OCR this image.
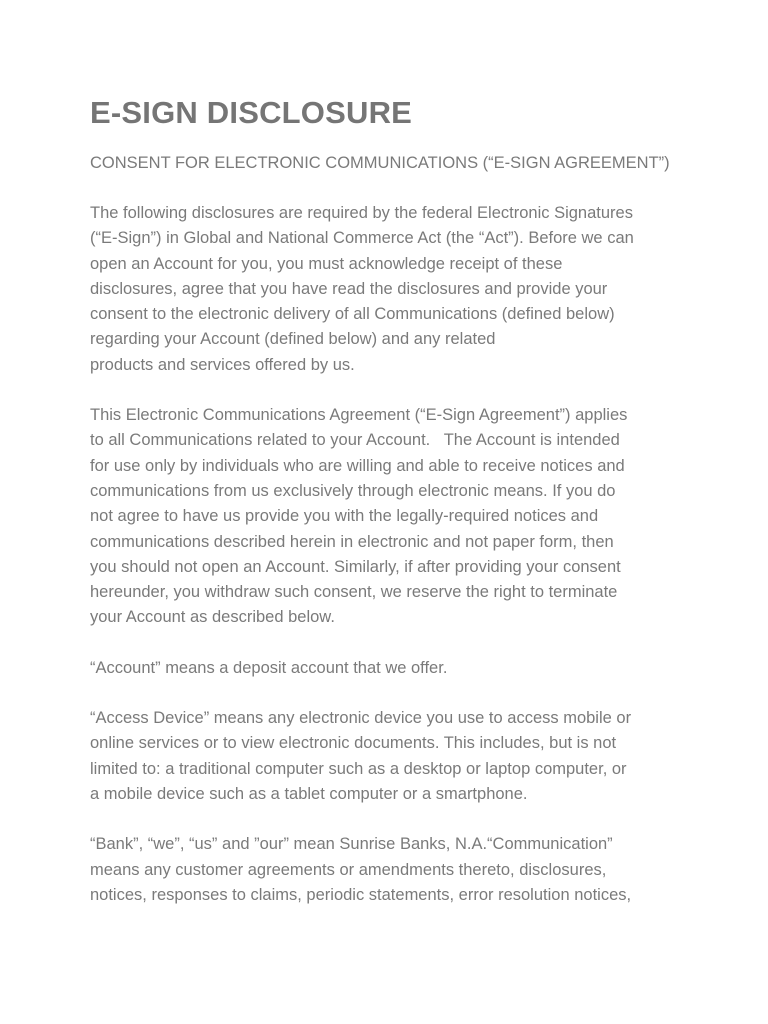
E-SIGN DISCLOSURE

CONSENT FOR ELECTRONIC COMMUNICATIONS (“E-SIGN AGREEMENT”)

The following disclosures are required by the federal Electronic Signatures
(“E-Sign”) in Global and National Commerce Act (the “Act”). Before we can
open an Account for you, you must acknowledge receipt of these
disclosures, agree that you have read the disclosures and provide your
consent to the electronic delivery of all Communications (defined below)
regarding your Account (defined below) and any related
products and services offered by us.

This Electronic Communications Agreement (“E-Sign Agreement”) applies
to all Communications related to your Account.   The Account is intended
for use only by individuals who are willing and able to receive notices and
communications from us exclusively through electronic means. If you do
not agree to have us provide you with the legally-required notices and
communications described herein in electronic and not paper form, then
you should not open an Account. Similarly, if after providing your consent
hereunder, you withdraw such consent, we reserve the right to terminate
your Account as described below.

“Account” means a deposit account that we offer.

“Access Device” means any electronic device you use to access mobile or
online services or to view electronic documents. This includes, but is not
limited to: a traditional computer such as a desktop or laptop computer, or
a mobile device such as a tablet computer or a smartphone.

“Bank”, “we”, “us” and ”our” mean Sunrise Banks, N.A.“Communication”
means any customer agreements or amendments thereto, disclosures,
notices, responses to claims, periodic statements, error resolution notices,
